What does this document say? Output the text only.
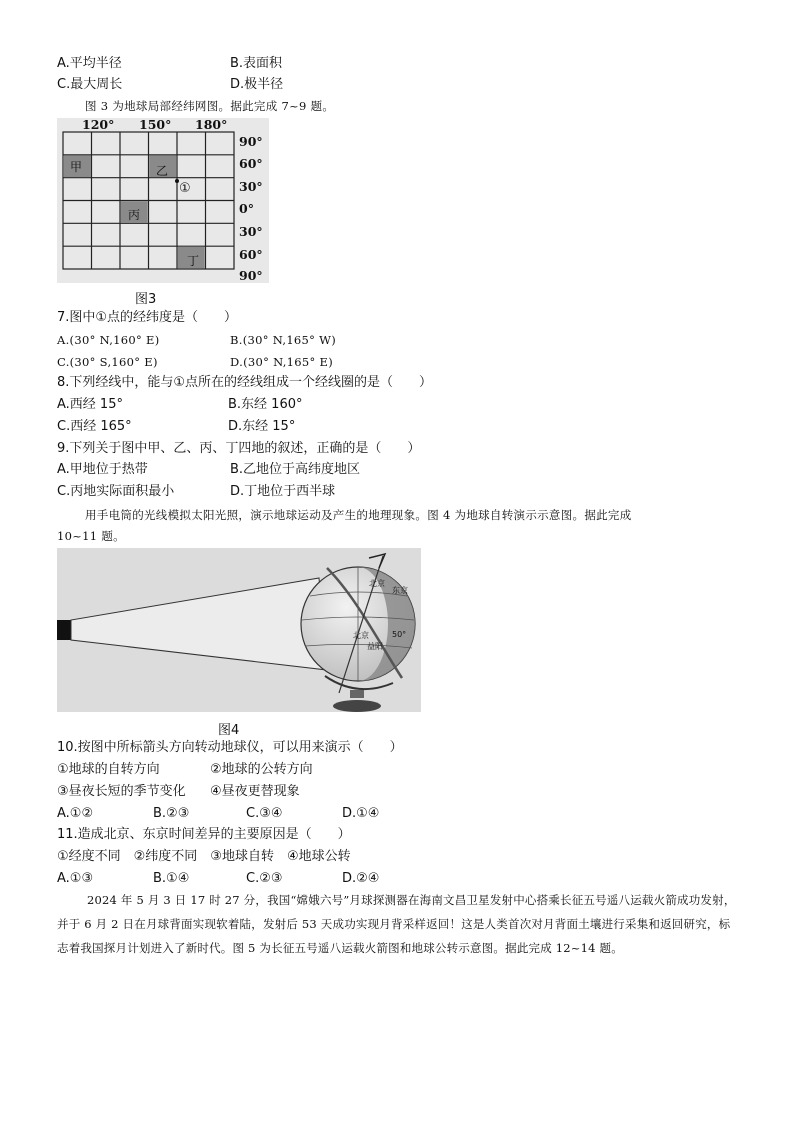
A.平均半径	B.表面积
C.最大周长	D.极半径
图 3 为地球局部经纬网图。据此完成 7~9 题。
甲	乙
丙
丁
①
120° 150° 180°
90°
60°
30°
0°
30°
60°
90°
图3
7.图中①点的经纬度是（　　）
A.(30° N,160° E)	B.(30° N,165° W)
C.(30° S,160° E)	D.(30° N,165° E)
8.下列经线中，能与①点所在的经线组成一个经线圈的是（　　）
A.西经 15°	B.东经 160°
C.西经 165°	D.东经 15°
9.下列关于图中甲、乙、丙、丁四地的叙述，正确的是（　　）
A.甲地位于热带	B.乙地位于高纬度地区
C.丙地实际面积最小	D.丁地位于西半球
用手电筒的光线模拟太阳光照，演示地球运动及产生的地理现象。图 4 为地球自转演示示意图。据此完成
10~11 题。
北京
东京
北京
益阳
50°
图4
10.按图中所标箭头方向转动地球仪，可以用来演示（　　）
①地球的自转方向	②地球的公转方向
③昼夜长短的季节变化 ④昼夜更替现象
A.①②	B.②③	C.③④	D.①④
11.造成北京、东京时间差异的主要原因是（　　）
①经度不同　②纬度不同　③地球自转　④地球公转
A.①③	B.①④	C.②③	D.②④
2024 年 5 月 3 日 17 时 27 分，我国“嫦娥六号”月球探测器在海南文昌卫星发射中心搭乘长征五号遥八运载火箭成功发射，并于 6 月 2 日在月球背面实现软着陆，发射后 53 天成功实现月背采样返回！这是人类首次对月背面土壤进行采集和返回研究，标志着我国探月计划进入了新时代。图 5 为长征五号遥八运载火箭图和地球公转示意图。据此完成 12~14 题。
